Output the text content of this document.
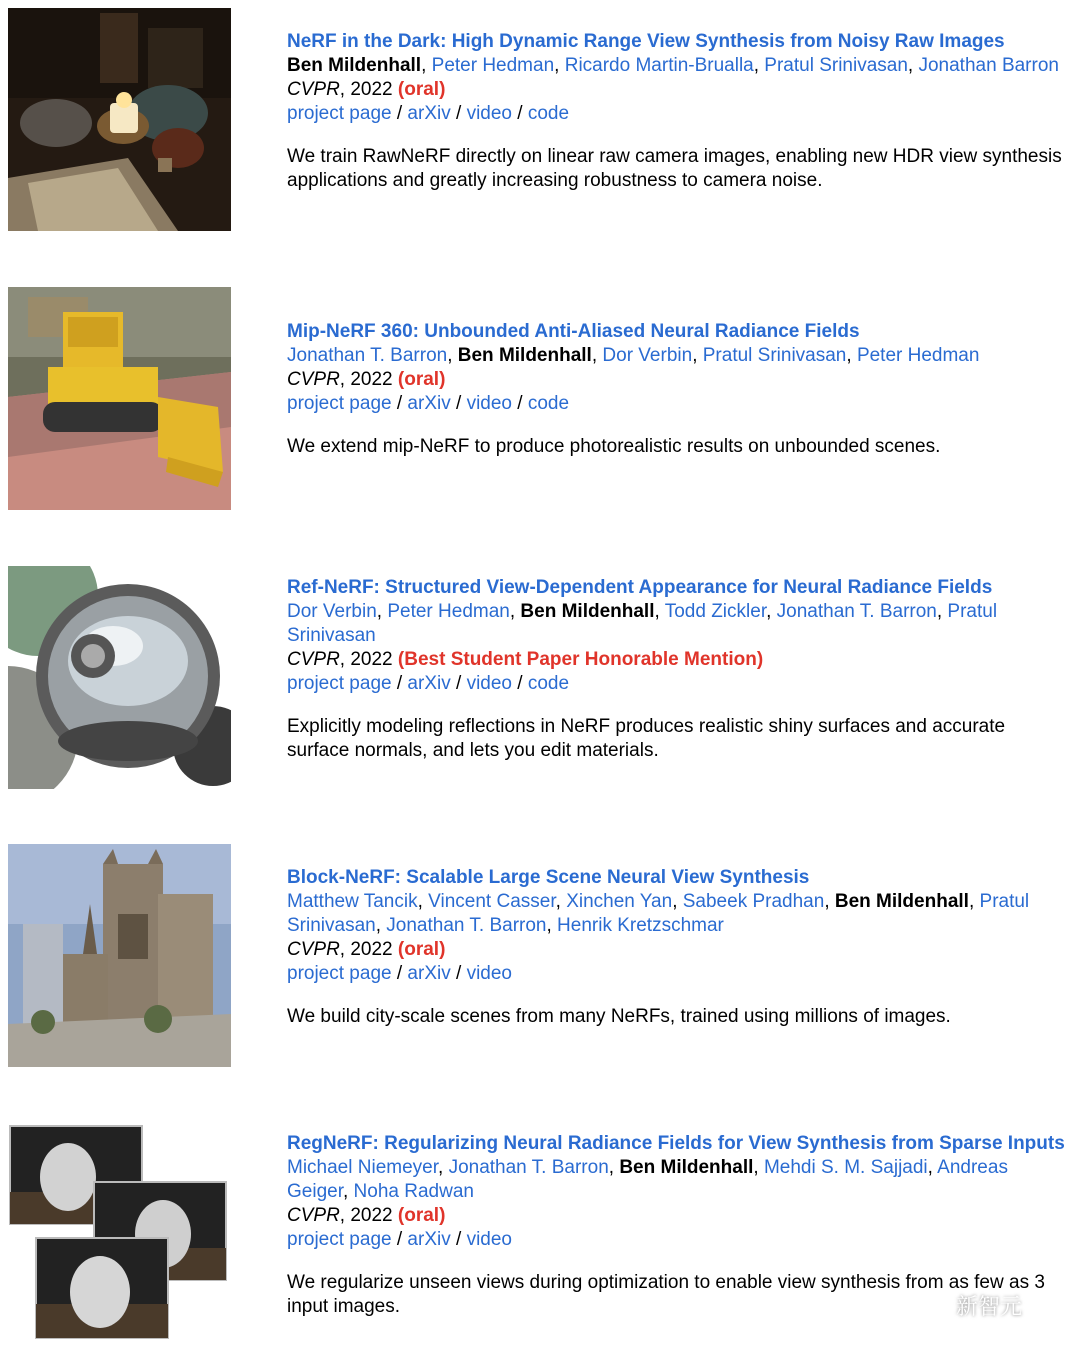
NeRF in the Dark: High Dynamic Range View Synthesis from Noisy Raw Images
Ben Mildenhall, Peter Hedman, Ricardo Martin-Brualla, Pratul Srinivasan, Jonathan Barron
CVPR, 2022 (oral)
project page / arXiv / video / code
We train RawNeRF directly on linear raw camera images, enabling new HDR view synthesis applications and greatly increasing robustness to camera noise.
Mip-NeRF 360: Unbounded Anti-Aliased Neural Radiance Fields
Jonathan T. Barron, Ben Mildenhall, Dor Verbin, Pratul Srinivasan, Peter Hedman
CVPR, 2022 (oral)
project page / arXiv / video / code
We extend mip-NeRF to produce photorealistic results on unbounded scenes.
Ref-NeRF: Structured View-Dependent Appearance for Neural Radiance Fields
Dor Verbin, Peter Hedman, Ben Mildenhall, Todd Zickler, Jonathan T. Barron, Pratul Srinivasan
CVPR, 2022 (Best Student Paper Honorable Mention)
project page / arXiv / video / code
Explicitly modeling reflections in NeRF produces realistic shiny surfaces and accurate surface normals, and lets you edit materials.
Block-NeRF: Scalable Large Scene Neural View Synthesis
Matthew Tancik, Vincent Casser, Xinchen Yan, Sabeek Pradhan, Ben Mildenhall, Pratul Srinivasan, Jonathan T. Barron, Henrik Kretzschmar
CVPR, 2022 (oral)
project page / arXiv / video
We build city-scale scenes from many NeRFs, trained using millions of images.
RegNeRF: Regularizing Neural Radiance Fields for View Synthesis from Sparse Inputs
Michael Niemeyer, Jonathan T. Barron, Ben Mildenhall, Mehdi S. M. Sajjadi, Andreas Geiger, Noha Radwan
CVPR, 2022 (oral)
project page / arXiv / video
We regularize unseen views during optimization to enable view synthesis from as few as 3 input images.	新智元
